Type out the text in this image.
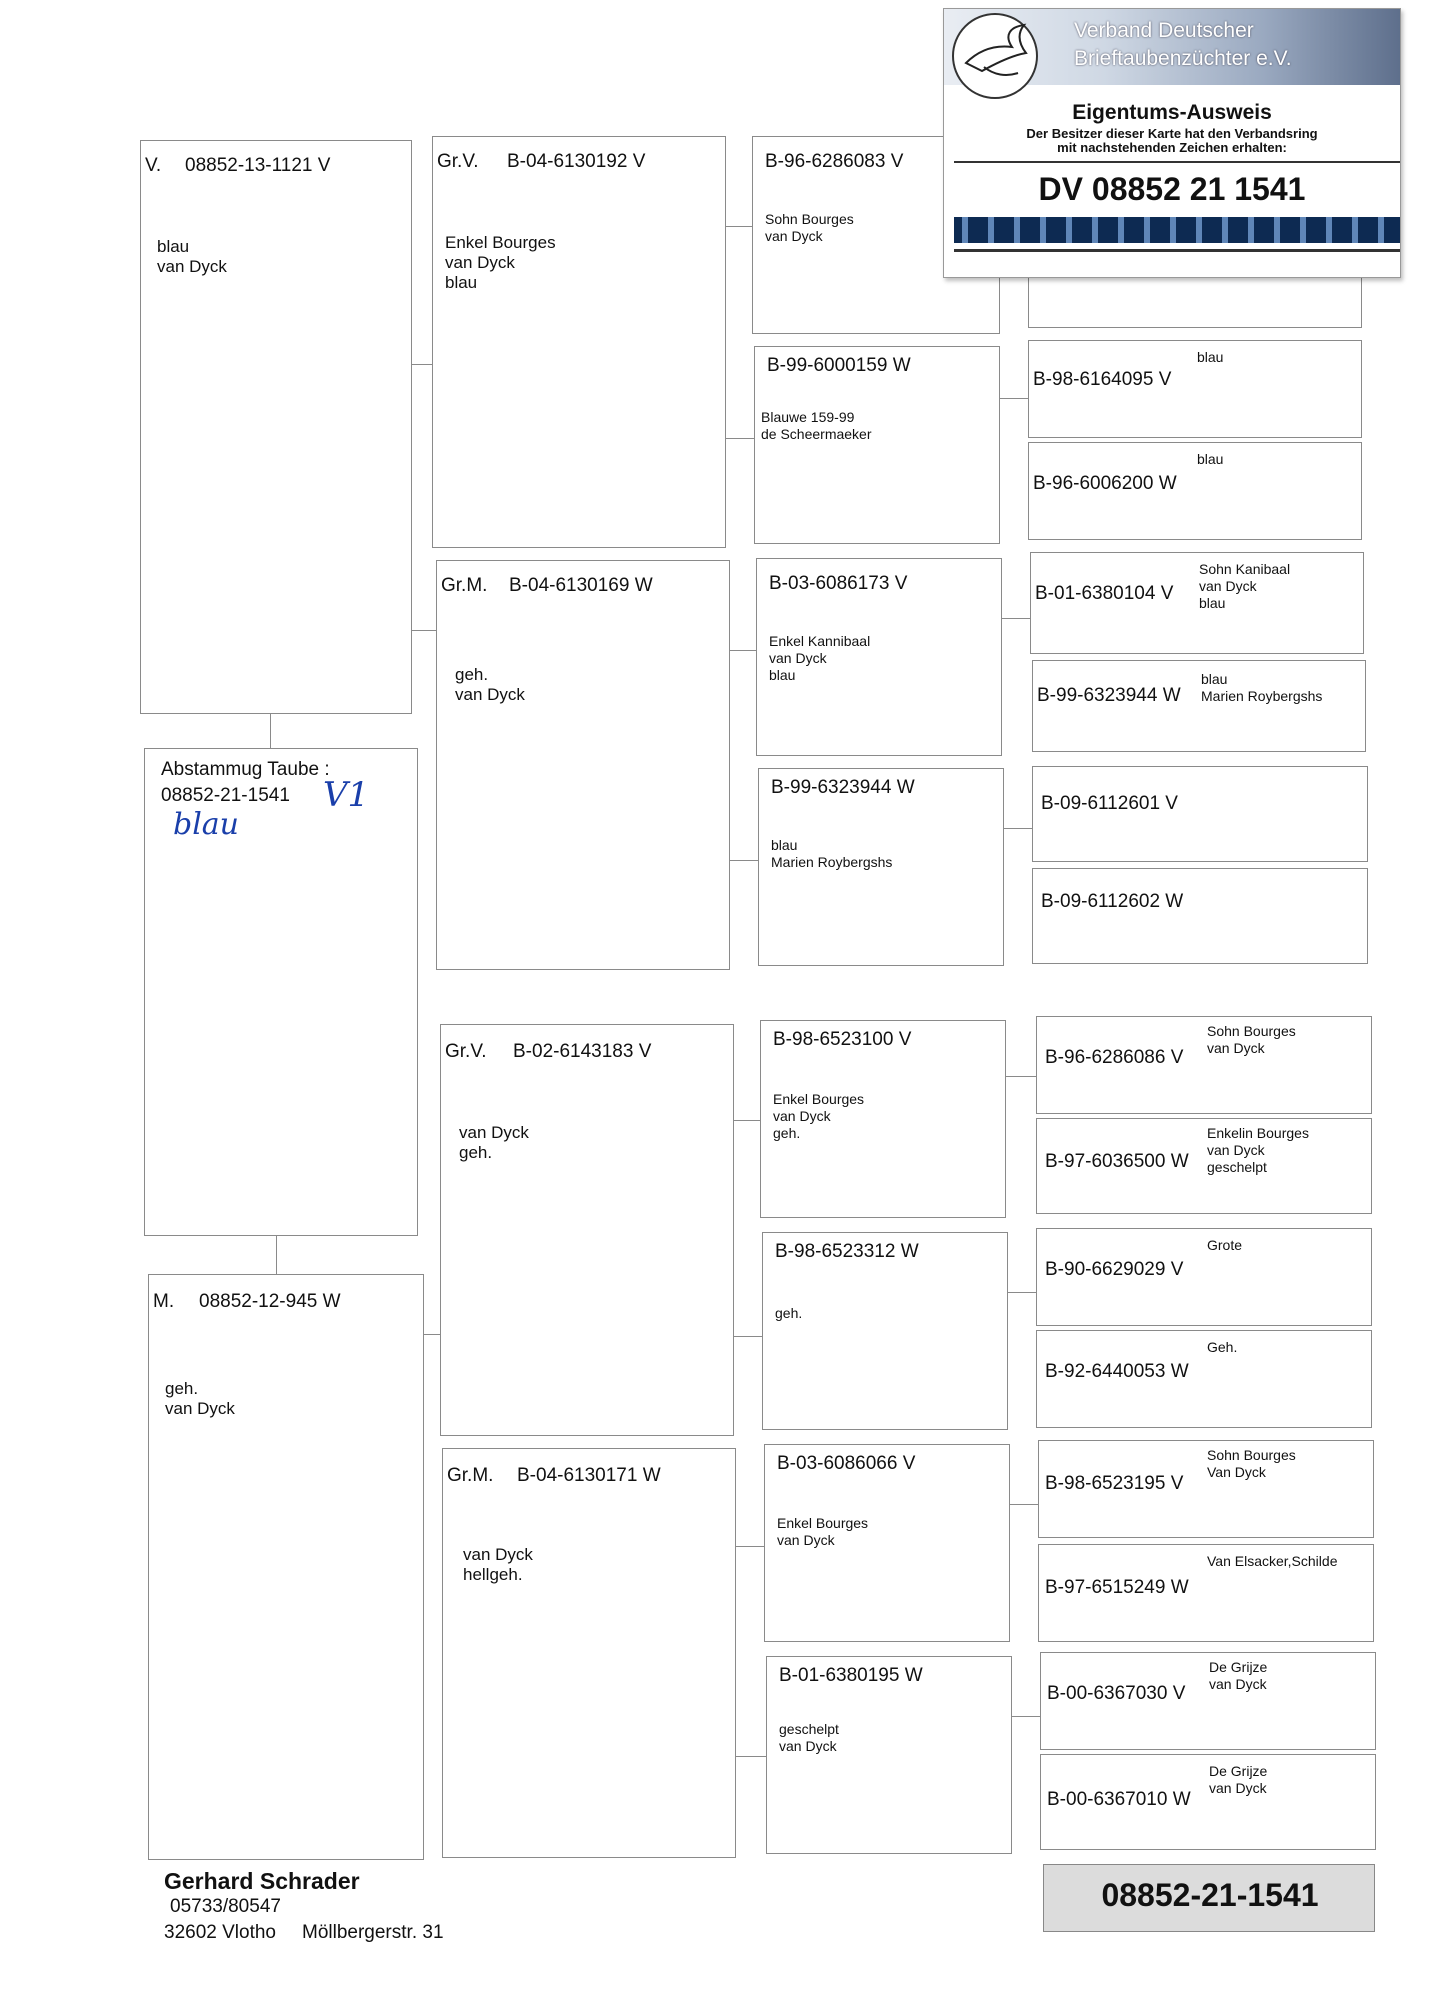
V. 08852-13-1121 V
blau
van Dyck
Abstammug Taube :
08852-21-1541 V1
blau
M. 08852-12-945 W
geh.
van Dyck
Gr.V. B-04-6130192 V
Enkel Bourges
van Dyck
blau
Gr.M. B-04-6130169 W
geh.
van Dyck
Gr.V. B-02-6143183 V
van Dyck
geh.
Gr.M. B-04-6130171 W
van Dyck
hellgeh.
B-96-6286083 V
Sohn Bourges
van Dyck
B-99-6000159 W
Blauwe 159-99
de Scheermaeker
B-03-6086173 V
Enkel Kannibaal
van Dyck
blau
B-99-6323944 W
blau
Marien Roybergshs
B-98-6523100 V
Enkel Bourges
van Dyck
geh.
B-98-6523312 W
geh.
B-03-6086066 V
Enkel Bourges
van Dyck
B-01-6380195 W
geschelpt
van Dyck
B-98-6164095 V
blau
B-96-6006200 W
blau
B-01-6380104 V
Sohn Kanibaal
van Dyck
blau
B-99-6323944 W
blau
Marien Roybergshs
B-09-6112601 V
B-09-6112602 W
B-96-6286086 V
Sohn Bourges
van Dyck
B-97-6036500 W
Enkelin Bourges
van Dyck
geschelpt
B-90-6629029 V
Grote
B-92-6440053 W
Geh.
B-98-6523195 V
Sohn Bourges
Van Dyck
B-97-6515249 W
Van Elsacker,Schilde
B-00-6367030 V
De Grijze
van Dyck
B-00-6367010 W
De Grijze
van Dyck
Gerhard Schrader
05733/80547
32602 Vlotho Möllbergerstr. 31
08852-21-1541
Verband Deutscher
Brieftaubenzüchter e.V.
Eigentums-Ausweis
Der Besitzer dieser Karte hat den Verbandsring
mit nachstehenden Zeichen erhalten:
DV 08852 21 1541
